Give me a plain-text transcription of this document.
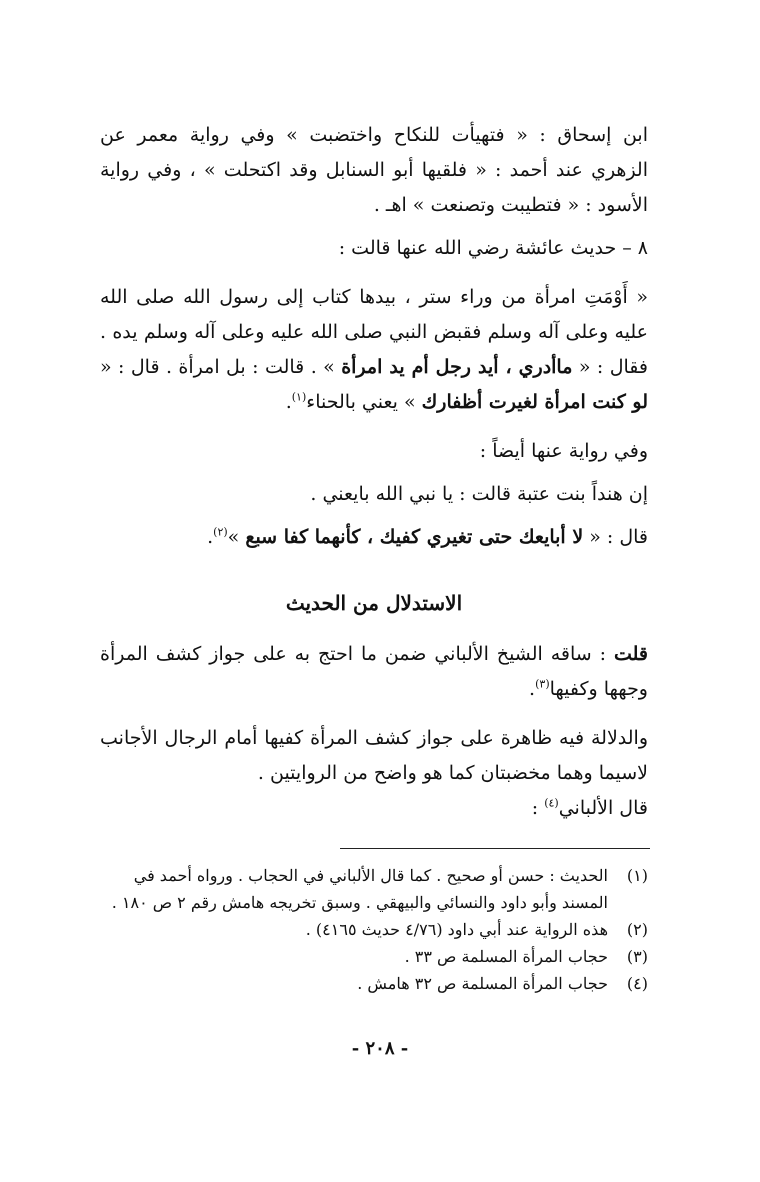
ابن إسحاق : « فتهيأت للنكاح واختضبت » وفي رواية معمر عن الزهري عند أحمد : « فلقيها أبو السنابل وقد اكتحلت » ، وفي رواية الأسود : « فتطيبت وتصنعت » اهـ .

٨ – حديث عائشة رضي الله عنها قالت :

« أَوْمَتِ امرأة من وراء ستر ، بيدها كتاب إلى رسول الله صلى الله عليه وعلى آله وسلم فقبض النبي صلى الله عليه وعلى آله وسلم يده . فقال : « ماأدري ، أيد رجل أم يد امرأة » . قالت : بل امرأة . قال : « لو كنت امرأة لغيرت أظفارك » يعني بالحناء$^{(١)}$.

وفي رواية عنها أيضاً :

إن هنداً بنت عتبة قالت : يا نبي الله بايعني .

قال : « لا أبايعك حتى تغيري كفيك ، كأنهما كفا سبع »$^{(٢)}$.

الاستدلال من الحديث

قلت : ساقه الشيخ الألباني ضمن ما احتج به على جواز كشف المرأة وجهها وكفيها$^{(٣)}$.

والدلالة فيه ظاهرة على جواز كشف المرأة كفيها أمام الرجال الأجانب لاسيما وهما مخضبتان كما هو واضح من الروايتين .

قال الألباني$^{(٤)}$ :

(١)
الحديث : حسن أو صحيح . كما قال الألباني في الحجاب . ورواه أحمد في المسند وأبو داود والنسائي والبيهقي . وسبق تخريجه هامش رقم ٢ ص ١٨٠ .
(٢)
هذه الرواية عند أبي داود (٤/٧٦ حديث ٤١٦٥) .
(٣)
حجاب المرأة المسلمة ص ٣٣ .
(٤)
حجاب المرأة المسلمة ص ٣٢ هامش .
- ٢٠٨ -
